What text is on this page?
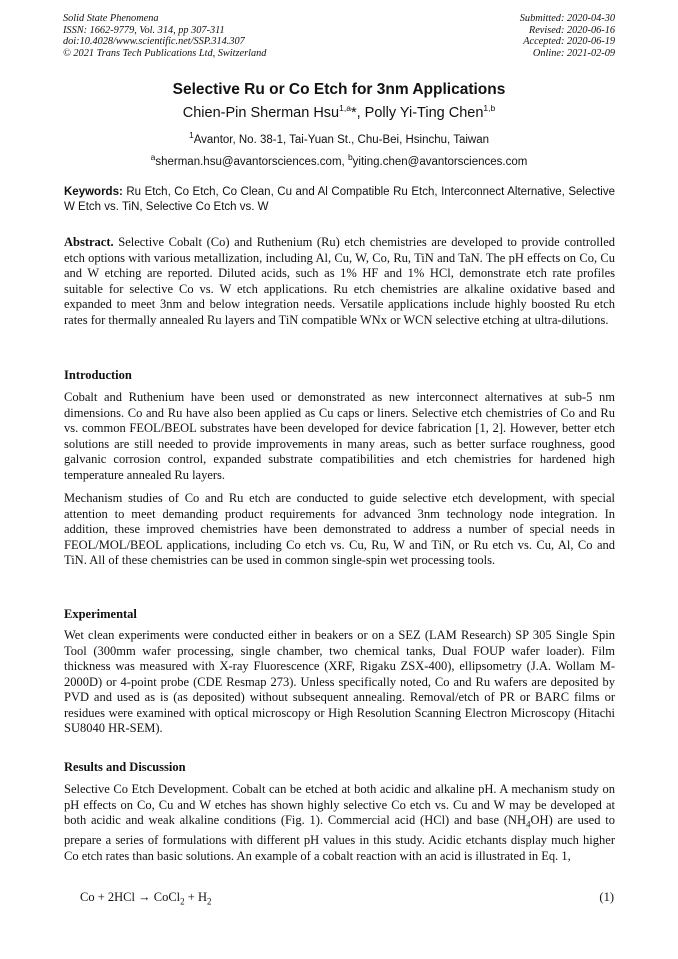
Solid State Phenomena
ISSN: 1662-9779, Vol. 314, pp 307-311
doi:10.4028/www.scientific.net/SSP.314.307
© 2021 Trans Tech Publications Ltd, Switzerland
Submitted: 2020-04-30
Revised: 2020-06-16
Accepted: 2020-06-19
Online: 2021-02-09
Selective Ru or Co Etch for 3nm Applications
Chien-Pin Sherman Hsu$^{1,a}$*, Polly Yi-Ting Chen$^{1,b}$
$^1$Avantor, No. 38-1, Tai-Yuan St., Chu-Bei, Hsinchu, Taiwan
$^a$sherman.hsu@avantorsciences.com, $^b$yiting.chen@avantorsciences.com
Keywords: Ru Etch, Co Etch, Co Clean, Cu and Al Compatible Ru Etch, Interconnect Alternative, Selective W Etch vs. TiN, Selective Co Etch vs. W
Abstract. Selective Cobalt (Co) and Ruthenium (Ru) etch chemistries are developed to provide controlled etch options with various metallization, including Al, Cu, W, Co, Ru, TiN and TaN. The pH effects on Co, Cu and W etching are reported. Diluted acids, such as 1% HF and 1% HCl, demonstrate etch rate profiles suitable for selective Co vs. W etch applications. Ru etch chemistries are alkaline oxidative based and expanded to meet 3nm and below integration needs. Versatile applications include highly boosted Ru etch rates for thermally annealed Ru layers and TiN compatible WNx or WCN selective etching at ultra-dilutions.
Introduction
Cobalt and Ruthenium have been used or demonstrated as new interconnect alternatives at sub-5 nm dimensions. Co and Ru have also been applied as Cu caps or liners. Selective etch chemistries of Co and Ru vs. common FEOL/BEOL substrates have been developed for device fabrication [1, 2]. However, better etch solutions are still needed to provide improvements in many areas, such as better surface roughness, good galvanic corrosion control, expanded substrate compatibilities and etch chemistries for hardened high temperature annealed Ru layers.
Mechanism studies of Co and Ru etch are conducted to guide selective etch development, with special attention to meet demanding product requirements for advanced 3nm technology node integration. In addition, these improved chemistries have been demonstrated to address a number of special needs in FEOL/MOL/BEOL applications, including Co etch vs. Cu, Ru, W and TiN, or Ru etch vs. Cu, Al, Co and TiN. All of these chemistries can be used in common single-spin wet processing tools.
Experimental
Wet clean experiments were conducted either in beakers or on a SEZ (LAM Research) SP 305 Single Spin Tool (300mm wafer processing, single chamber, two chemical tanks, Dual FOUP wafer loader). Film thickness was measured with X-ray Fluorescence (XRF, Rigaku ZSX-400), ellipsometry (J.A. Wollam M-2000D) or 4-point probe (CDE Resmap 273). Unless specifically noted, Co and Ru wafers are deposited by PVD and used as is (as deposited) without subsequent annealing. Removal/etch of PR or BARC films or residues were examined with optical microscopy or High Resolution Scanning Electron Microscopy (Hitachi SU8040 HR-SEM).
Results and Discussion
Selective Co Etch Development. Cobalt can be etched at both acidic and alkaline pH. A mechanism study on pH effects on Co, Cu and W etches has shown highly selective Co etch vs. Cu and W may be developed at both acidic and weak alkaline conditions (Fig. 1). Commercial acid (HCl) and base $(NH_4OH)$ are used to prepare a series of formulations with different pH values in this study. Acidic etchants display much higher Co etch rates than basic solutions. An example of a cobalt reaction with an acid is illustrated in Eq. 1,
Co + 2HCl → CoCl$_2$ + $H_2$	(1)
